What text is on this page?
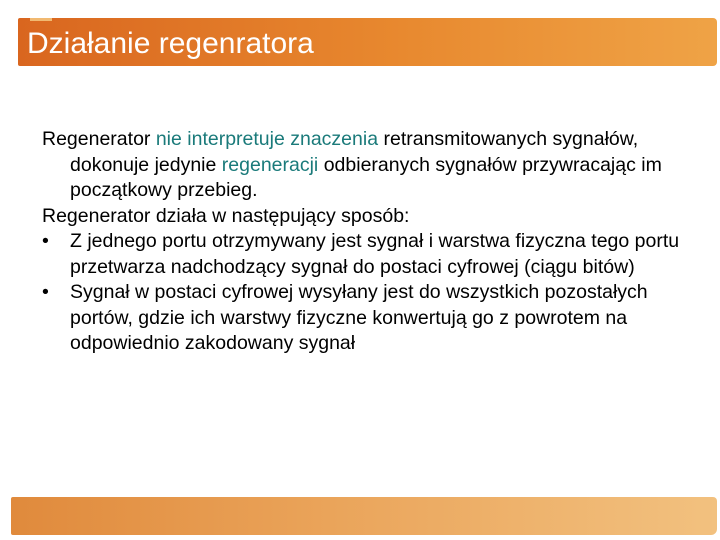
Działanie regenratora

Regenerator nie interpretuje znaczenia retransmitowanych sygnałów, dokonuje jedynie regeneracji odbieranych sygnałów przywracając im początkowy przebieg.

Regenerator działa w następujący sposób:

•	Z jednego portu otrzymywany jest sygnał i warstwa fizyczna tego portu przetwarza nadchodzący sygnał do postaci cyfrowej (ciągu bitów)

•	Sygnał w postaci cyfrowej wysyłany jest do wszystkich pozostałych portów, gdzie ich warstwy fizyczne konwertują go z powrotem na odpowiednio zakodowany sygnał
